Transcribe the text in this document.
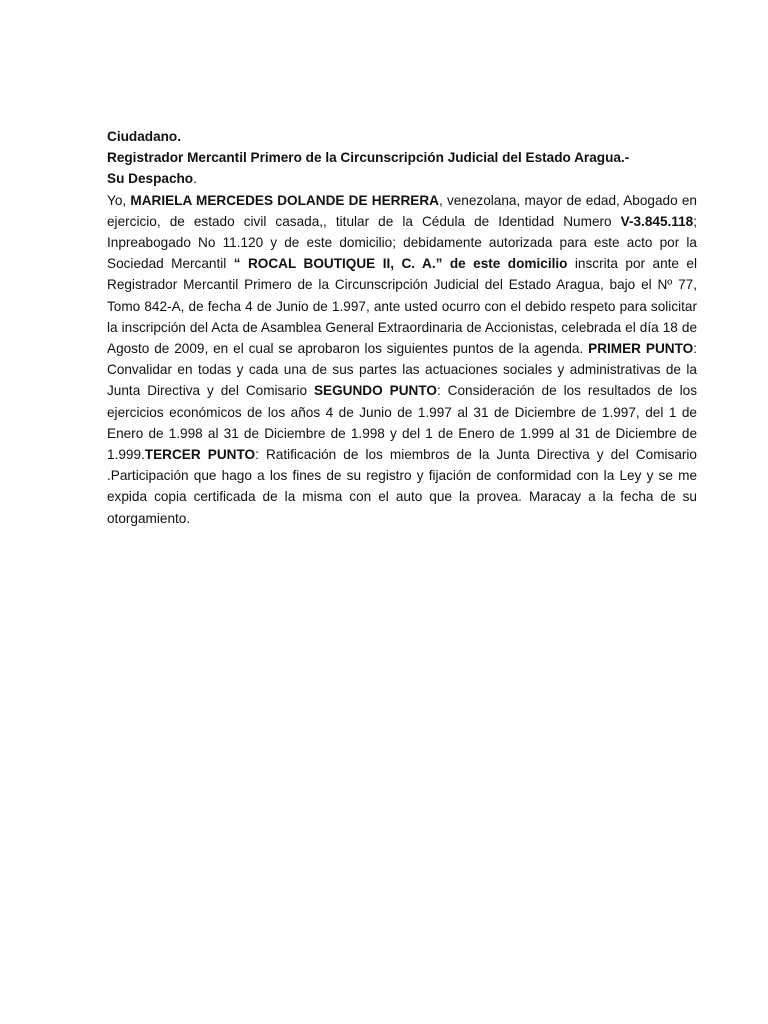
Ciudadano.

Registrador Mercantil Primero de la Circunscripción Judicial del Estado Aragua.-

Su Despacho.

Yo, MARIELA MERCEDES DOLANDE DE HERRERA, venezolana, mayor de edad, Abogado en ejercicio, de estado civil casada,, titular de la Cédula de Identidad Numero V-3.845.118; Inpreabogado No 11.120 y de este domicilio; debidamente autorizada para este acto por la Sociedad Mercantil “ ROCAL BOUTIQUE II, C. A.” de este domicilio inscrita por ante el Registrador Mercantil Primero de la Circunscripción Judicial del Estado Aragua, bajo el Nº 77, Tomo 842-A, de fecha 4 de Junio de 1.997, ante usted ocurro con el debido respeto para solicitar la inscripción del Acta de Asamblea General Extraordinaria de Accionistas, celebrada el día 18 de Agosto de 2009, en el cual se aprobaron los siguientes puntos de la agenda. PRIMER PUNTO: Convalidar en todas y cada una de sus partes las actuaciones sociales y administrativas de la Junta Directiva y del Comisario SEGUNDO PUNTO: Consideración de los resultados de los ejercicios económicos de los años 4 de Junio de 1.997 al 31 de Diciembre de 1.997, del 1 de Enero de 1.998 al 31 de Diciembre de 1.998 y del 1 de Enero de 1.999 al 31 de Diciembre de 1.999.TERCER PUNTO: Ratificación de los miembros de la Junta Directiva y del Comisario .Participación que hago a los fines de su registro y fijación de conformidad con la Ley y se me expida copia certificada de la misma con el auto que la provea. Maracay a la fecha de su otorgamiento.
